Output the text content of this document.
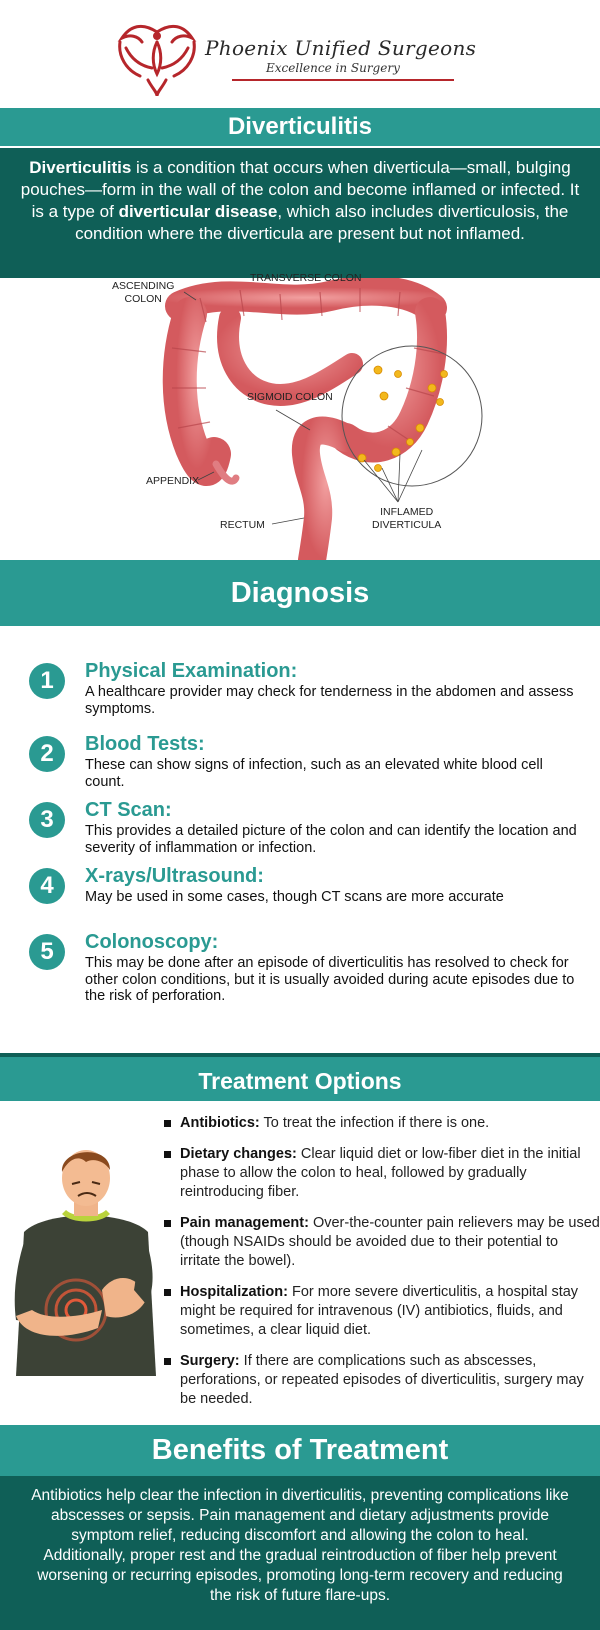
Phoenix Unified Surgeons
Excellence in Surgery
Diverticulitis
Diverticulitis is a condition that occurs when diverticula—small, bulging pouches—form in the wall of the colon and become inflamed or infected. It is a type of diverticular disease, which also includes diverticulosis, the condition where the diverticula are present but not inflamed.
ASCENDING
COLON
TRANSVERSE COLON
SIGMOID COLON
APPENDIX
RECTUM
INFLAMED
DIVERTICULA
Diagnosis
1	Physical Examination:
A healthcare provider may check for tenderness in the abdomen and assess symptoms.
2	Blood Tests:
These can show signs of infection, such as an elevated white blood cell count.
3	CT Scan:
This provides a detailed picture of the colon and can identify the location and severity of inflammation or infection.
4	X-rays/Ultrasound:
May be used in some cases, though CT scans are more accurate
5	Colonoscopy:
This may be done after an episode of diverticulitis has resolved to check for other colon conditions, but it is usually avoided during acute episodes due to the risk of perforation.
Treatment Options
Antibiotics: To treat the infection if there is one.
Dietary changes: Clear liquid diet or low-fiber diet in the initial phase to allow the colon to heal, followed by gradually reintroducing fiber.
Pain management: Over-the-counter pain relievers may be used (though NSAIDs should be avoided due to their potential to irritate the bowel).
Hospitalization: For more severe diverticulitis, a hospital stay might be required for intravenous (IV) antibiotics, fluids, and sometimes, a clear liquid diet.
Surgery: If there are complications such as abscesses, perforations, or repeated episodes of diverticulitis, surgery may be needed.
Benefits of Treatment
Antibiotics help clear the infection in diverticulitis, preventing complications like abscesses or sepsis. Pain management and dietary adjustments provide symptom relief, reducing discomfort and allowing the colon to heal. Additionally, proper rest and the gradual reintroduction of fiber help prevent worsening or recurring episodes, promoting long-term recovery and reducing the risk of future flare-ups.
